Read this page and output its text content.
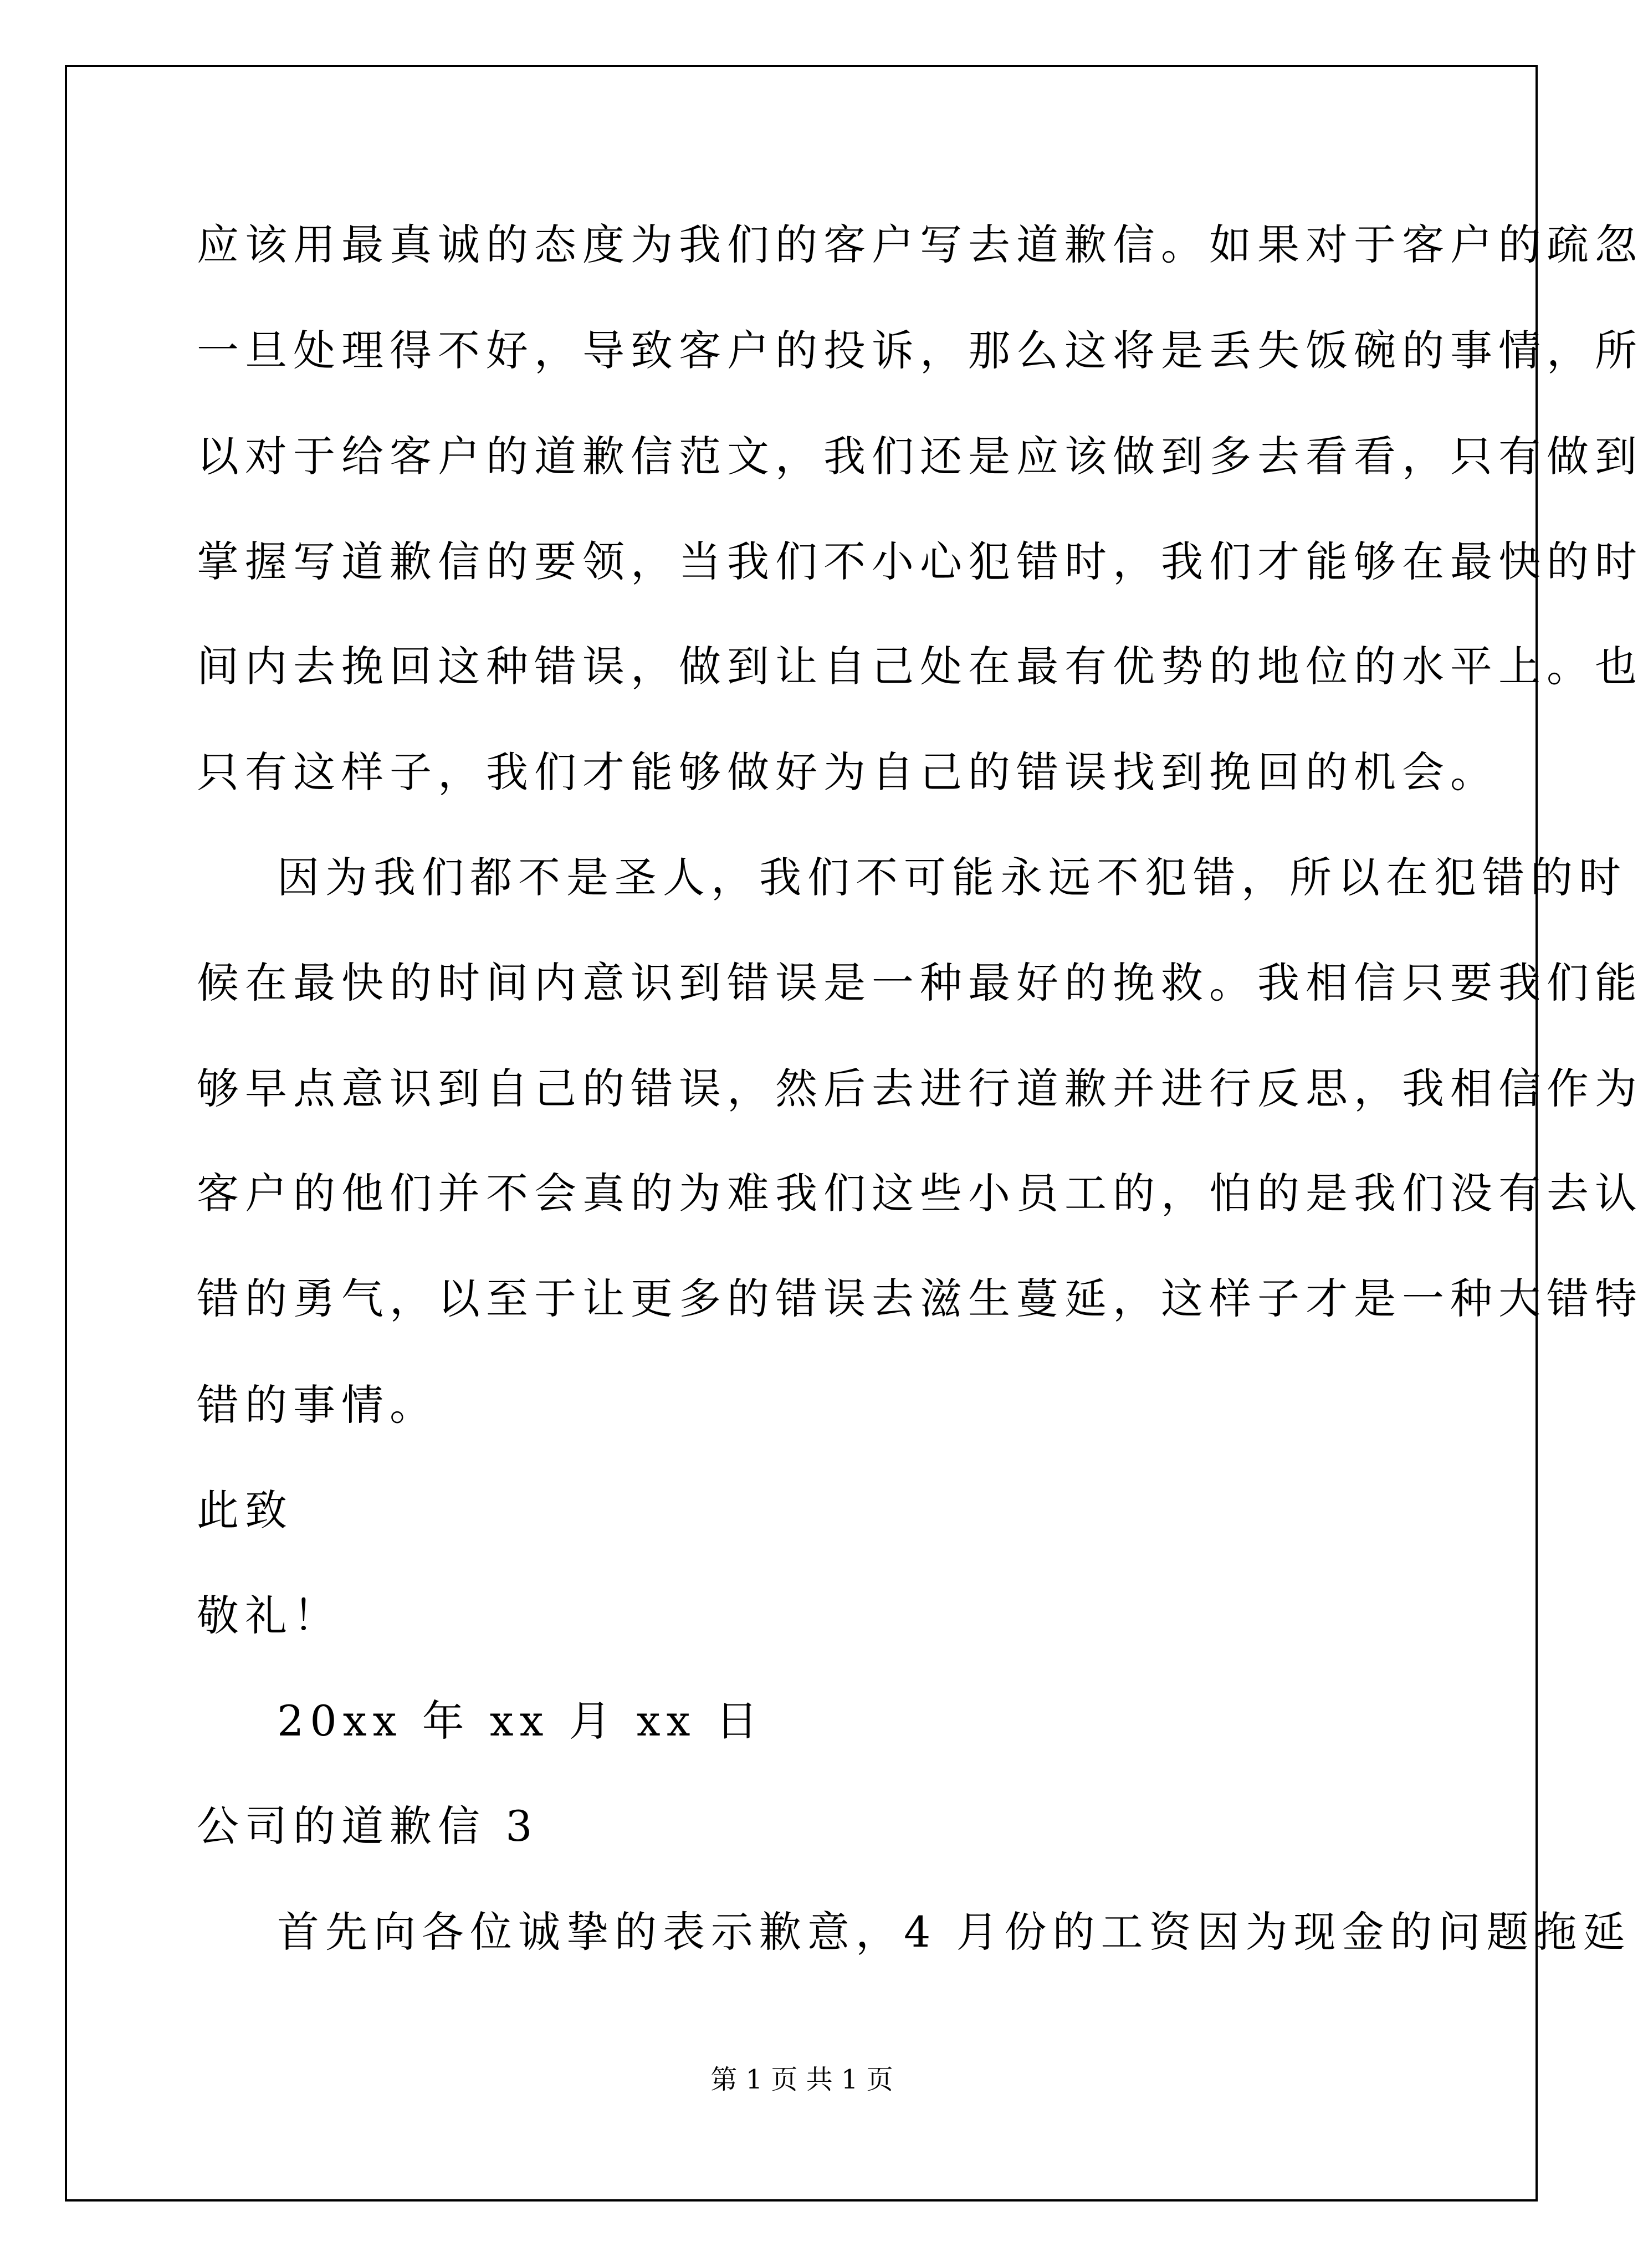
应该用最真诚的态度为我们的客户写去道歉信。如果对于客户的疏忽
一旦处理得不好，导致客户的投诉，那么这将是丢失饭碗的事情，所
以对于给客户的道歉信范文，我们还是应该做到多去看看，只有做到
掌握写道歉信的要领，当我们不小心犯错时，我们才能够在最快的时
间内去挽回这种错误，做到让自己处在最有优势的地位的水平上。也
只有这样子，我们才能够做好为自己的错误找到挽回的机会。
因为我们都不是圣人，我们不可能永远不犯错，所以在犯错的时
候在最快的时间内意识到错误是一种最好的挽救。我相信只要我们能
够早点意识到自己的错误，然后去进行道歉并进行反思，我相信作为
客户的他们并不会真的为难我们这些小员工的，怕的是我们没有去认
错的勇气，以至于让更多的错误去滋生蔓延，这样子才是一种大错特
错的事情。
此致
敬礼！
20xx 年 xx 月 xx 日
公司的道歉信 3
首先向各位诚挚的表示歉意，4 月份的工资因为现金的问题拖延
第 1 页 共 1 页
